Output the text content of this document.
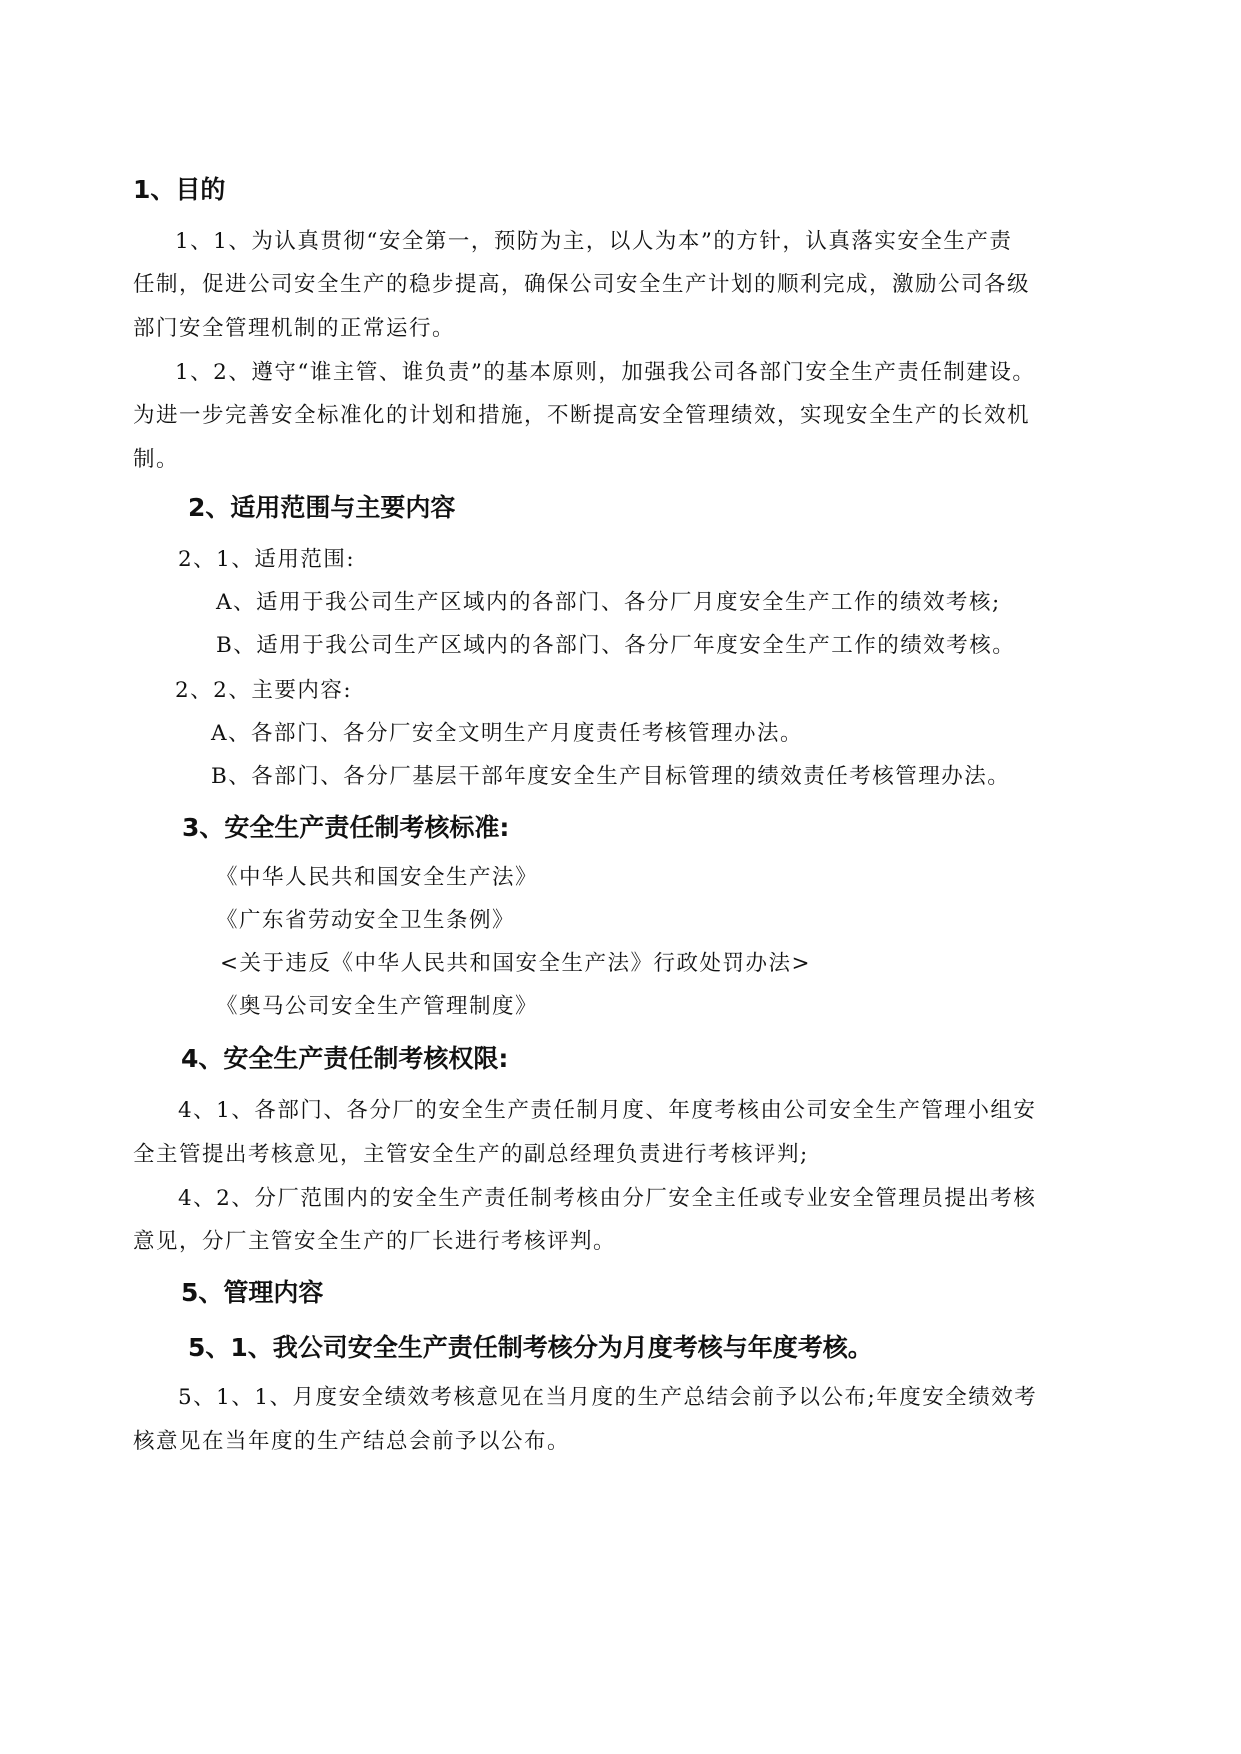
1、目的
1、1、为认真贯彻“安全第一，预防为主，以人为本”的方针，认真落实安全生产责
任制，促进公司安全生产的稳步提高，确保公司安全生产计划的顺利完成，激励公司各级
部门安全管理机制的正常运行。
1、2、遵守“谁主管、谁负责”的基本原则，加强我公司各部门安全生产责任制建设。
为进一步完善安全标准化的计划和措施，不断提高安全管理绩效，实现安全生产的长效机
制。
2、适用范围与主要内容
2、1、适用范围:
A、适用于我公司生产区域内的各部门、各分厂月度安全生产工作的绩效考核;
B、适用于我公司生产区域内的各部门、各分厂年度安全生产工作的绩效考核。
2、2、主要内容:
A、各部门、各分厂安全文明生产月度责任考核管理办法。
B、各部门、各分厂基层干部年度安全生产目标管理的绩效责任考核管理办法。
3、安全生产责任制考核标准:
《中华人民共和国安全生产法》
《广东省劳动安全卫生条例》
<关于违反《中华人民共和国安全生产法》行政处罚办法>
《奥马公司安全生产管理制度》
4、安全生产责任制考核权限:
4、1、各部门、各分厂的安全生产责任制月度、年度考核由公司安全生产管理小组安
全主管提出考核意见，主管安全生产的副总经理负责进行考核评判;
4、2、分厂范围内的安全生产责任制考核由分厂安全主任或专业安全管理员提出考核
意见，分厂主管安全生产的厂长进行考核评判。
5、管理内容
5、1、我公司安全生产责任制考核分为月度考核与年度考核。
5、1、1、月度安全绩效考核意见在当月度的生产总结会前予以公布;年度安全绩效考
核意见在当年度的生产结总会前予以公布。
